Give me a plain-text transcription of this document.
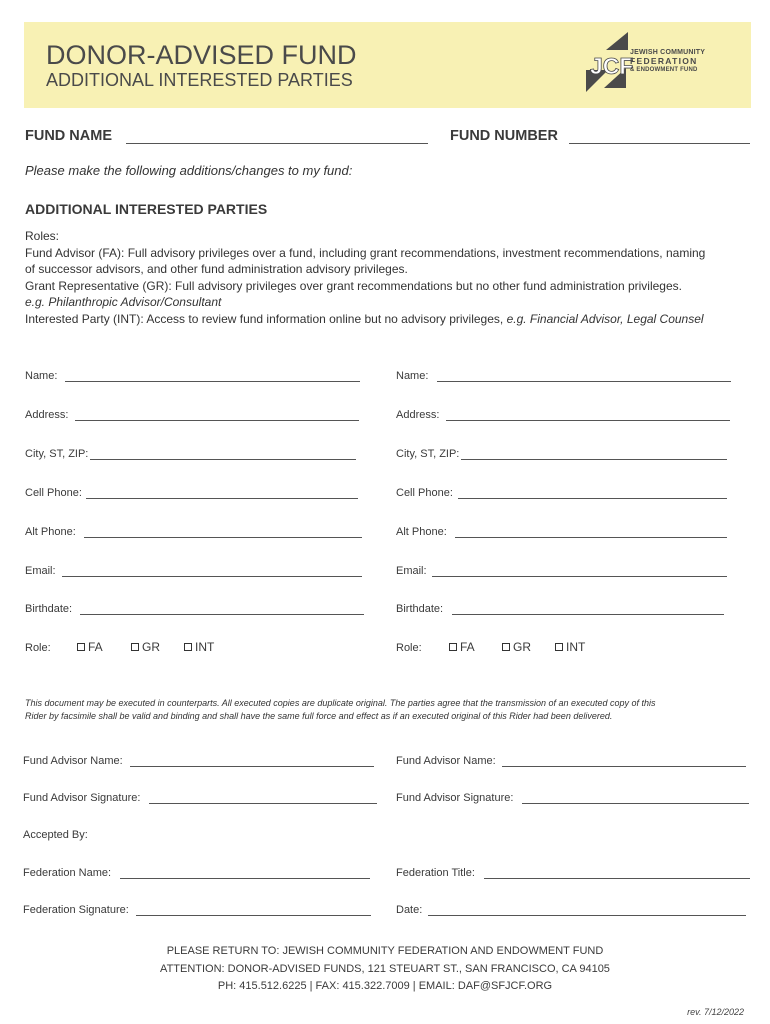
DONOR-ADVISED FUND
ADDITIONAL INTERESTED PARTIES
JCF
JEWISH COMMUNITY
FEDERATION
& ENDOWMENT FUND
FUND NAME	FUND NUMBER
Please make the following additions/changes to my fund:
ADDITIONAL INTERESTED PARTIES
Roles:
Fund Advisor (FA): Full advisory privileges over a fund, including grant recommendations, investment recommendations, naming
of successor advisors, and other fund administration advisory privileges.
Grant Representative (GR): Full advisory privileges over grant recommendations but no other fund administration privileges.
e.g. Philanthropic Advisor/Consultant
Interested Party (INT): Access to review fund information online but no advisory privileges, e.g. Financial Advisor, Legal Counsel
Name:
Address:
City, ST, ZIP:
Cell Phone:
Alt Phone:
Email:
Birthdate:
Role:	FA	GR	INT
Name:
Address:
City, ST, ZIP:
Cell Phone:
Alt Phone:
Email:
Birthdate:
Role:	FA	GR	INT
This document may be executed in counterparts. All executed copies are duplicate original. The parties agree that the transmission of an executed copy of this
Rider by facsimile shall be valid and binding and shall have the same full force and effect as if an executed original of this Rider had been delivered.
Fund Advisor Name:	Fund Advisor Name:
Fund Advisor Signature:	Fund Advisor Signature:
Accepted By:
Federation Name:	Federation Title:
Federation Signature:	Date:
PLEASE RETURN TO: JEWISH COMMUNITY FEDERATION AND ENDOWMENT FUND
ATTENTION: DONOR-ADVISED FUNDS, 121 STEUART ST., SAN FRANCISCO, CA 94105
PH: 415.512.6225 | FAX: 415.322.7009 | EMAIL: DAF@SFJCF.ORG
rev. 7/12/2022
